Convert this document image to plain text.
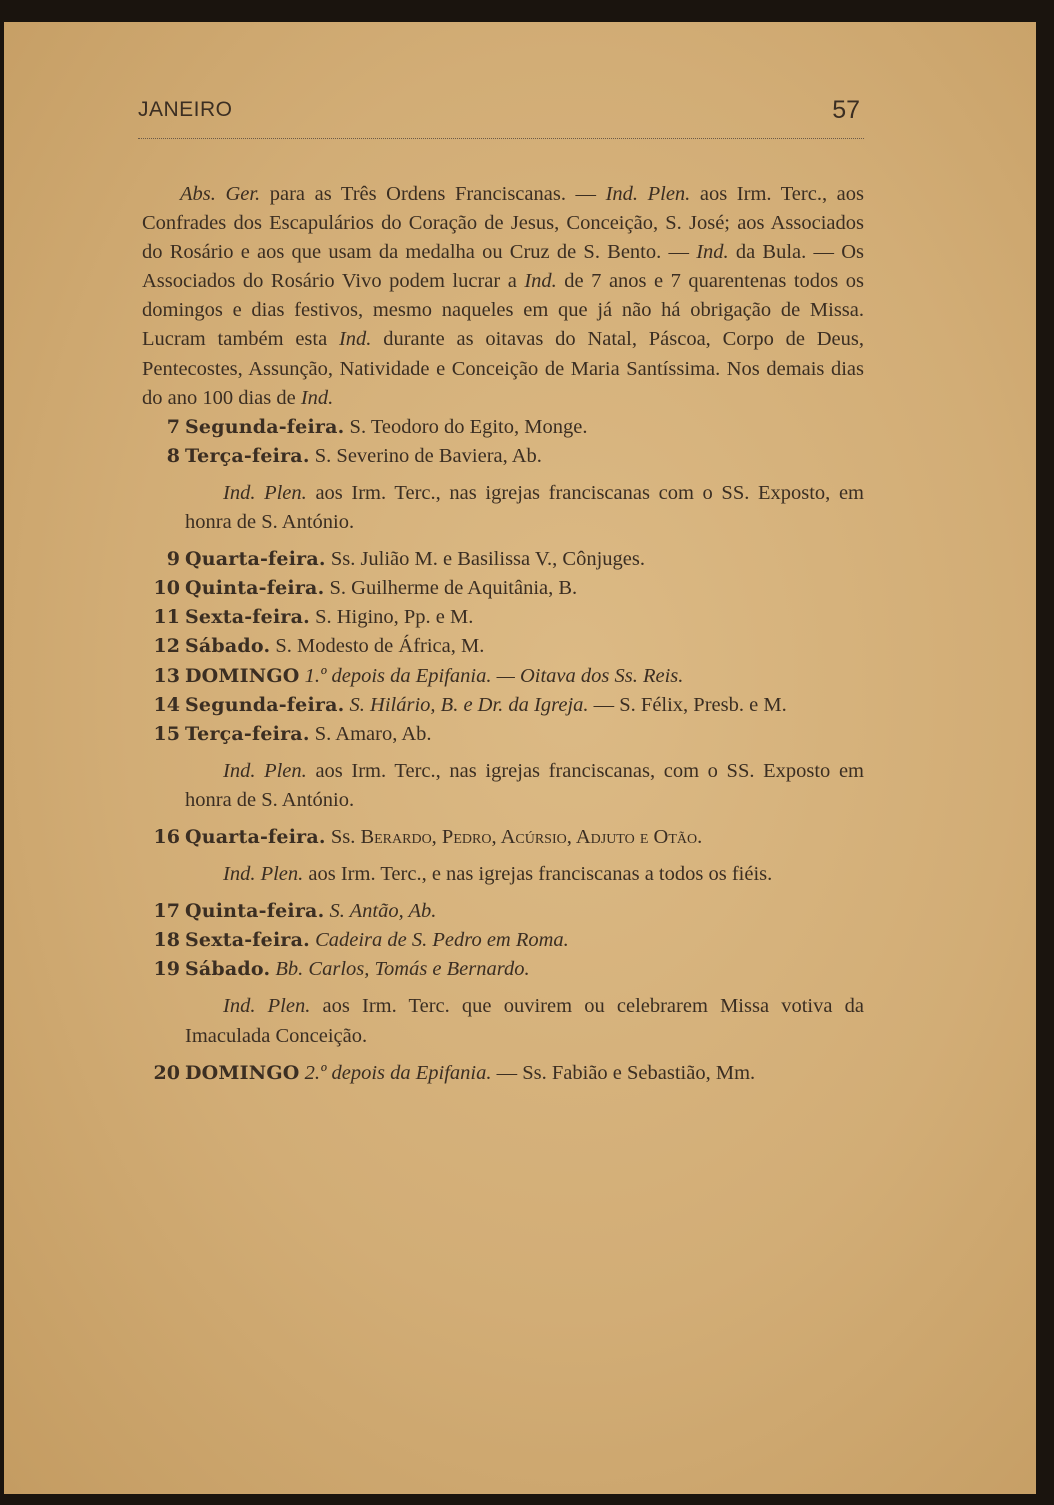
JANEIRO	57

Abs. Ger. para as Três Ordens Franciscanas. — Ind. Plen. aos Irm. Terc., aos Confrades dos Escapulários do Coração de Jesus, Conceição, S. José; aos Associados do Rosário e aos que usam da medalha ou Cruz de S. Bento. — Ind. da Bula. — Os Associados do Rosário Vivo podem lucrar a Ind. de 7 anos e 7 quarentenas todos os domingos e dias festivos, mesmo naqueles em que já não há obrigação de Missa. Lucram também esta Ind. durante as oitavas do Natal, Páscoa, Corpo de Deus, Pentecostes, Assunção, Natividade e Conceição de Maria Santíssima. Nos demais dias do ano 100 dias de Ind.

7 Segunda-feira. S. Teodoro do Egito, Monge.

8 Terça-feira. S. Severino de Baviera, Ab.

Ind. Plen. aos Irm. Terc., nas igrejas franciscanas com o SS. Exposto, em honra de S. António.

9 Quarta-feira. Ss. Julião M. e Basilissa V., Cônjuges.

10 Quinta-feira. S. Guilherme de Aquitânia, B.

11 Sexta-feira. S. Higino, Pp. e M.

12 Sábado. S. Modesto de África, M.

13 DOMINGO 1.º depois da Epifania. — Oitava dos Ss. Reis.

14 Segunda-feira. S. Hilário, B. e Dr. da Igreja. — S. Félix, Presb. e M.

15 Terça-feira. S. Amaro, Ab.

Ind. Plen. aos Irm. Terc., nas igrejas franciscanas, com o SS. Exposto em honra de S. António.

16 Quarta-feira. Ss. Berardo, Pedro, Acúrsio, Adjuto e Otão.

Ind. Plen. aos Irm. Terc., e nas igrejas franciscanas a todos os fiéis.

17 Quinta-feira. S. Antão, Ab.

18 Sexta-feira. Cadeira de S. Pedro em Roma.

19 Sábado. Bb. Carlos, Tomás e Bernardo.

Ind. Plen. aos Irm. Terc. que ouvirem ou celebrarem Missa votiva da Imaculada Conceição.

20 DOMINGO 2.º depois da Epifania. — Ss. Fabião e Sebastião, Mm.
